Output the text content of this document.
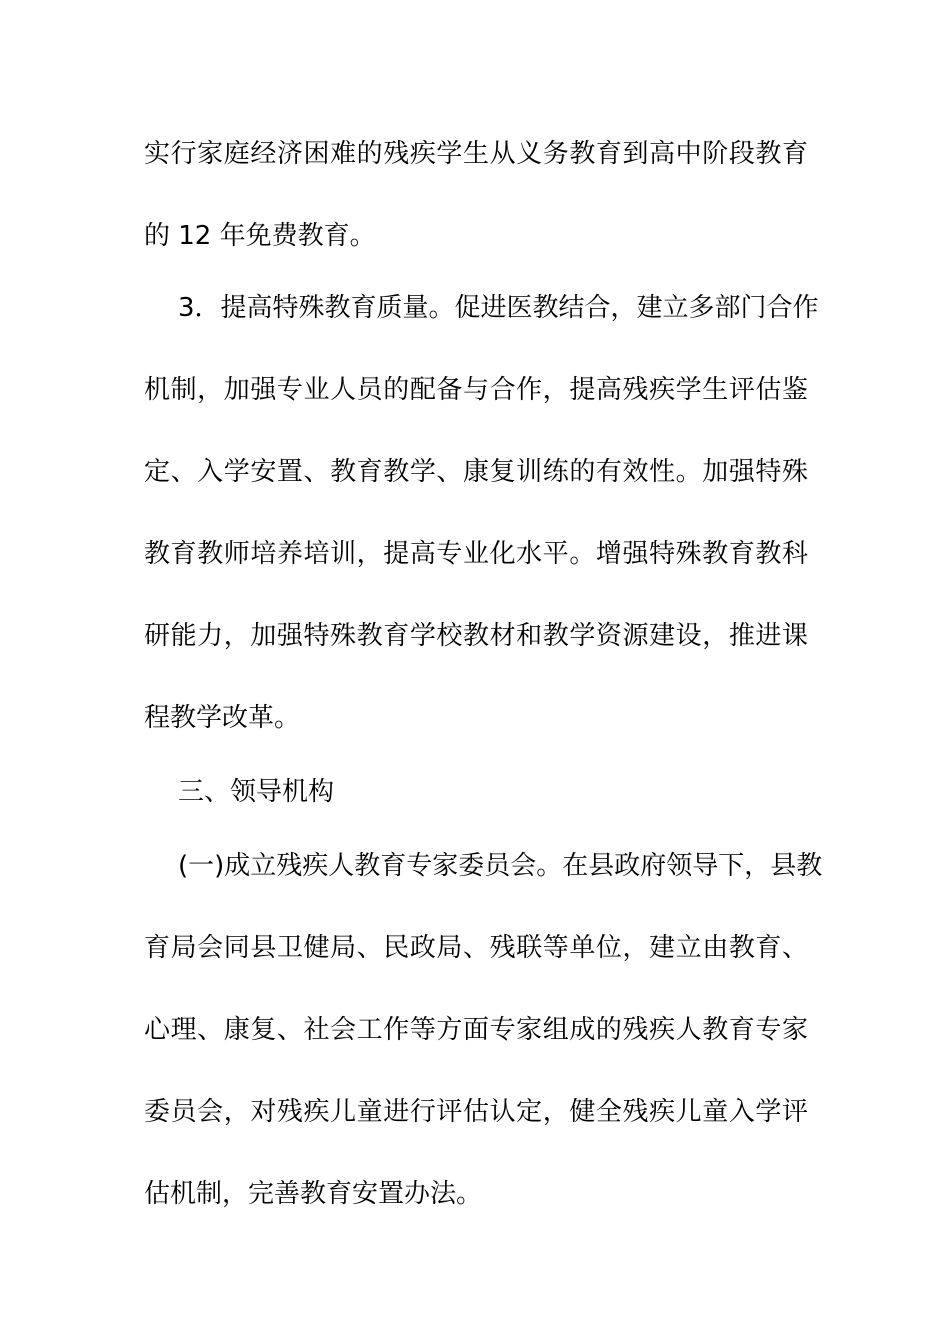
实行家庭经济困难的残疾学生从义务教育到高中阶段教育
的 12 年免费教育。
3．提高特殊教育质量。促进医教结合，建立多部门合作
机制，加强专业人员的配备与合作，提高残疾学生评估鉴
定、入学安置、教育教学、康复训练的有效性。加强特殊
教育教师培养培训，提高专业化水平。增强特殊教育教科
研能力，加强特殊教育学校教材和教学资源建设，推进课
程教学改革。
三、领导机构
(一)成立残疾人教育专家委员会。在县政府领导下，县教
育局会同县卫健局、民政局、残联等单位，建立由教育、
心理、康复、社会工作等方面专家组成的残疾人教育专家
委员会，对残疾儿童进行评估认定，健全残疾儿童入学评
估机制，完善教育安置办法。
